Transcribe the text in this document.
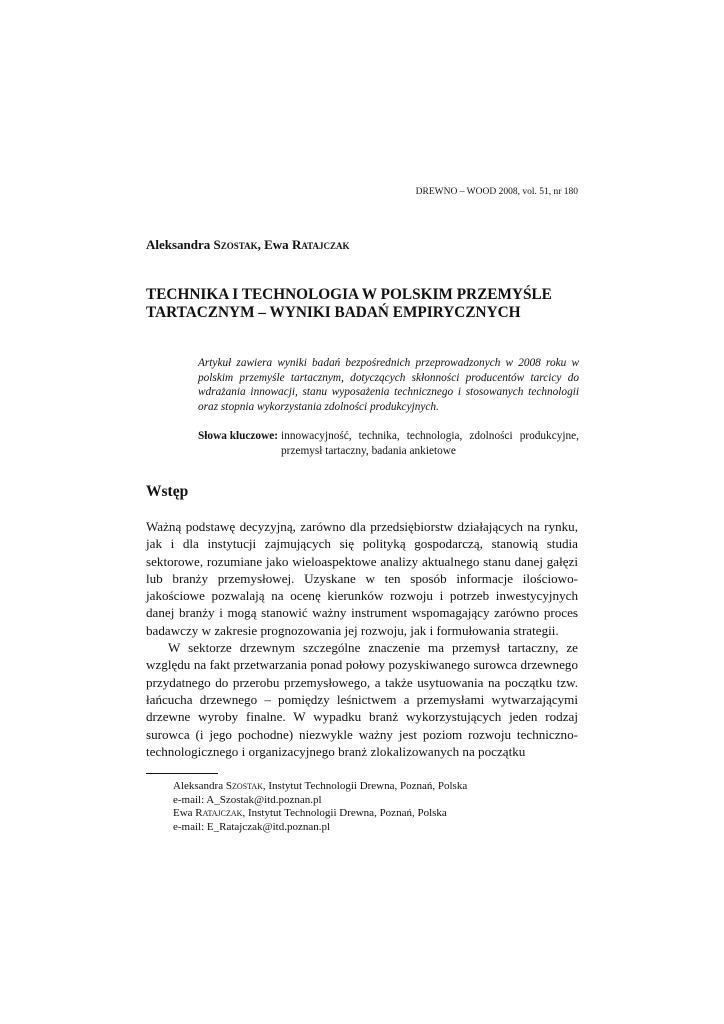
DREWNO – WOOD 2008, vol. 51, nr 180
Aleksandra Szostak, Ewa Ratajczak
TECHNIKA I TECHNOLOGIA W POLSKIM PRZEMYŚLE
TARTACZNYM – WYNIKI BADAŃ EMPIRYCZNYCH
Artykuł zawiera wyniki badań bezpośrednich przeprowadzonych w 2008 roku w polskim przemyśle tartacznym, dotyczących skłonności producentów tarcicy do wdrażania innowacji, stanu wyposażenia technicznego i stosowanych technologii oraz stopnia wykorzystania zdolności produkcyjnych.
Słowa kluczowe: innowacyjność, technika, technologia, zdolności produkcyjne, przemysł tartaczny, badania ankietowe
Wstęp

Ważną podstawę decyzyjną, zarówno dla przedsiębiorstw działających na rynku, jak i dla instytucji zajmujących się polityką gospodarczą, stanowią studia sektorowe, rozumiane jako wieloaspektowe analizy aktualnego stanu danej gałęzi lub branży przemysłowej. Uzyskane w ten sposób informacje ilościowo-jakościowe pozwalają na ocenę kierunków rozwoju i potrzeb inwestycyjnych danej branży i mogą stanowić ważny instrument wspomagający zarówno proces badawczy w zakresie prognozowania jej rozwoju, jak i formułowania strategii.

W sektorze drzewnym szczególne znaczenie ma przemysł tartaczny, ze względu na fakt przetwarzania ponad połowy pozyskiwanego surowca drzewnego przydatnego do przerobu przemysłowego, a także usytuowania na początku tzw. łańcucha drzewnego – pomiędzy leśnictwem a przemysłami wytwarzającymi drzewne wyroby finalne. W wypadku branż wykorzystujących jeden rodzaj surowca (i jego pochodne) niezwykle ważny jest poziom rozwoju techniczno-technologicznego i organizacyjnego branż zlokalizowanych na początku

Aleksandra Szostak, Instytut Technologii Drewna, Poznań, Polska
e-mail: A_Szostak@itd.poznan.pl
Ewa Ratajczak, Instytut Technologii Drewna, Poznań, Polska
e-mail: E_Ratajczak@itd.poznan.pl
